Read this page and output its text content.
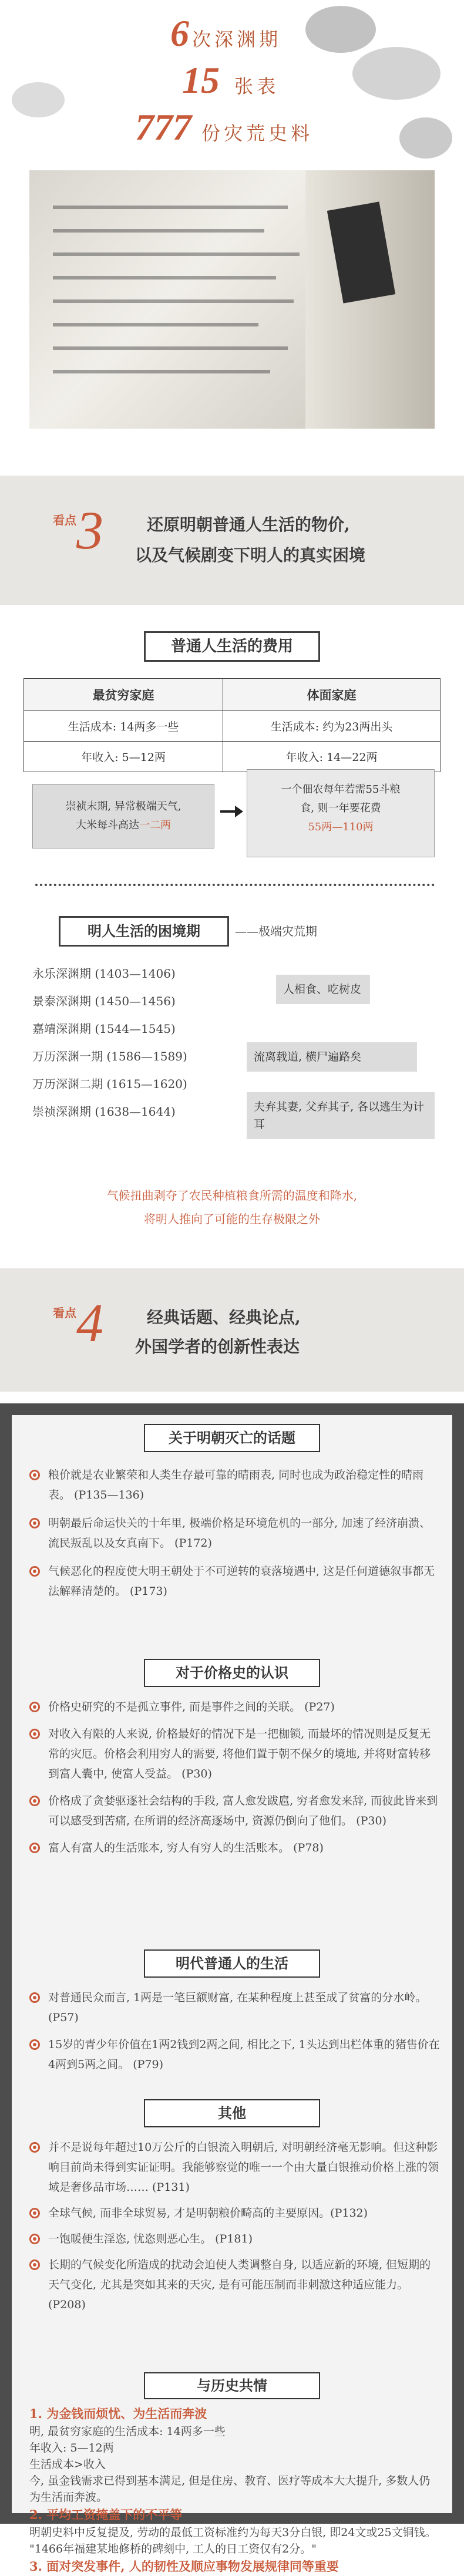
6 次深渊期
15 张表
777 份灾荒史料
看点 3	还原明朝普通人生活的物价,
以及气候剧变下明人的真实困境
普通人生活的费用
最贫穷家庭	体面家庭
生活成本: 14两多一些	生活成本: 约为23两出头
年收入: 5—12两	年收入: 14—22两
崇祯末期, 异常极端天气,
大米每斗高达一二两
一个佃农每年若需55斗粮
食, 则一年要花费
55两—110两
明人生活的困境期	——极端灾荒期
永乐深渊期 (1403—1406)
景泰深渊期 (1450—1456)
嘉靖深渊期 (1544—1545)
万历深渊一期 (1586—1589)
万历深渊二期 (1615—1620)
崇祯深渊期 (1638—1644)
人相食、吃树皮
流离载道, 横尸遍路矣
夫弃其妻, 父弃其子, 各以逃生为计耳
气候扭曲剥夺了农民种植粮食所需的温度和降水,
将明人推向了可能的生存极限之外
看点 4	经典话题、经典论点,
外国学者的创新性表达
关于明朝灭亡的话题
粮价就是农业繁荣和人类生存最可靠的晴雨表, 同时也成为政治稳定性的晴雨表。 (P135—136)
明朝最后命运快关的十年里, 极端价格是环境危机的一部分, 加速了经济崩溃、流民叛乱以及女真南下。 (P172)
气候恶化的程度使大明王朝处于不可逆转的衰落境遇中, 这是任何道德叙事都无法解释清楚的。 (P173)
对于价格史的认识
价格史研究的不是孤立事件, 而是事件之间的关联。 (P27)
对收入有限的人来说, 价格最好的情况下是一把枷锁, 而最坏的情况则是反复无常的灾厄。价格会利用穷人的需要, 将他们置于朝不保夕的境地, 并将财富转移到富人囊中, 使富人受益。 (P30)
价格成了贪婪驱逐社会结构的手段, 富人愈发跋扈, 穷者愈发来辞, 而彼此皆来到可以感受到苦痛, 在所谓的经济高逐场中, 资源仍倒向了他们。 (P30)
富人有富人的生活账本, 穷人有穷人的生活账本。 (P78)
明代普通人的生活
对普通民众而言, 1两是一笔巨额财富, 在某种程度上甚至成了贫富的分水岭。 (P57)
15岁的青少年价值在1两2钱到2两之间, 相比之下, 1头达到出栏体重的猪售价在4两到5两之间。 (P79)
其他
并不是说每年超过10万公斤的白银流入明朝后, 对明朝经济毫无影响。但这种影响目前尚未得到实证证明。我能够察觉的唯一一个由大量白银推动价格上涨的领域是奢侈品市场…… (P131)
全球气候, 而非全球贸易, 才是明朝粮价畸高的主要原因。(P132)
一饱暖便生淫恣, 忧恣则恶心生。 (P181)
长期的气候变化所造成的扰动会迫使人类调整自身, 以适应新的环境, 但短期的天气变化, 尤其是突如其来的天灾, 是有可能压制而非刺激这种适应能力。 (P208)
与历史共情
1. 为金钱而烦忧、为生活而奔波
明, 最贫穷家庭的生活成本: 14两多一些
年收入: 5—12两
生活成本>收入
今, 虽金钱需求已得到基本满足, 但是住房、教育、医疗等成本大大提升, 多数人仍为生活而奔波。
2. 平均工资掩盖下的不平等
明朝史料中反复提及, 劳动的最低工资标准约为每天3分白银, 即24文或25文铜钱。
"1466年福建某地修桥的碑刻中, 工人的日工资仅有2分。"
3. 面对突发事件, 人的韧性及顺应事物发展规律同等重要
